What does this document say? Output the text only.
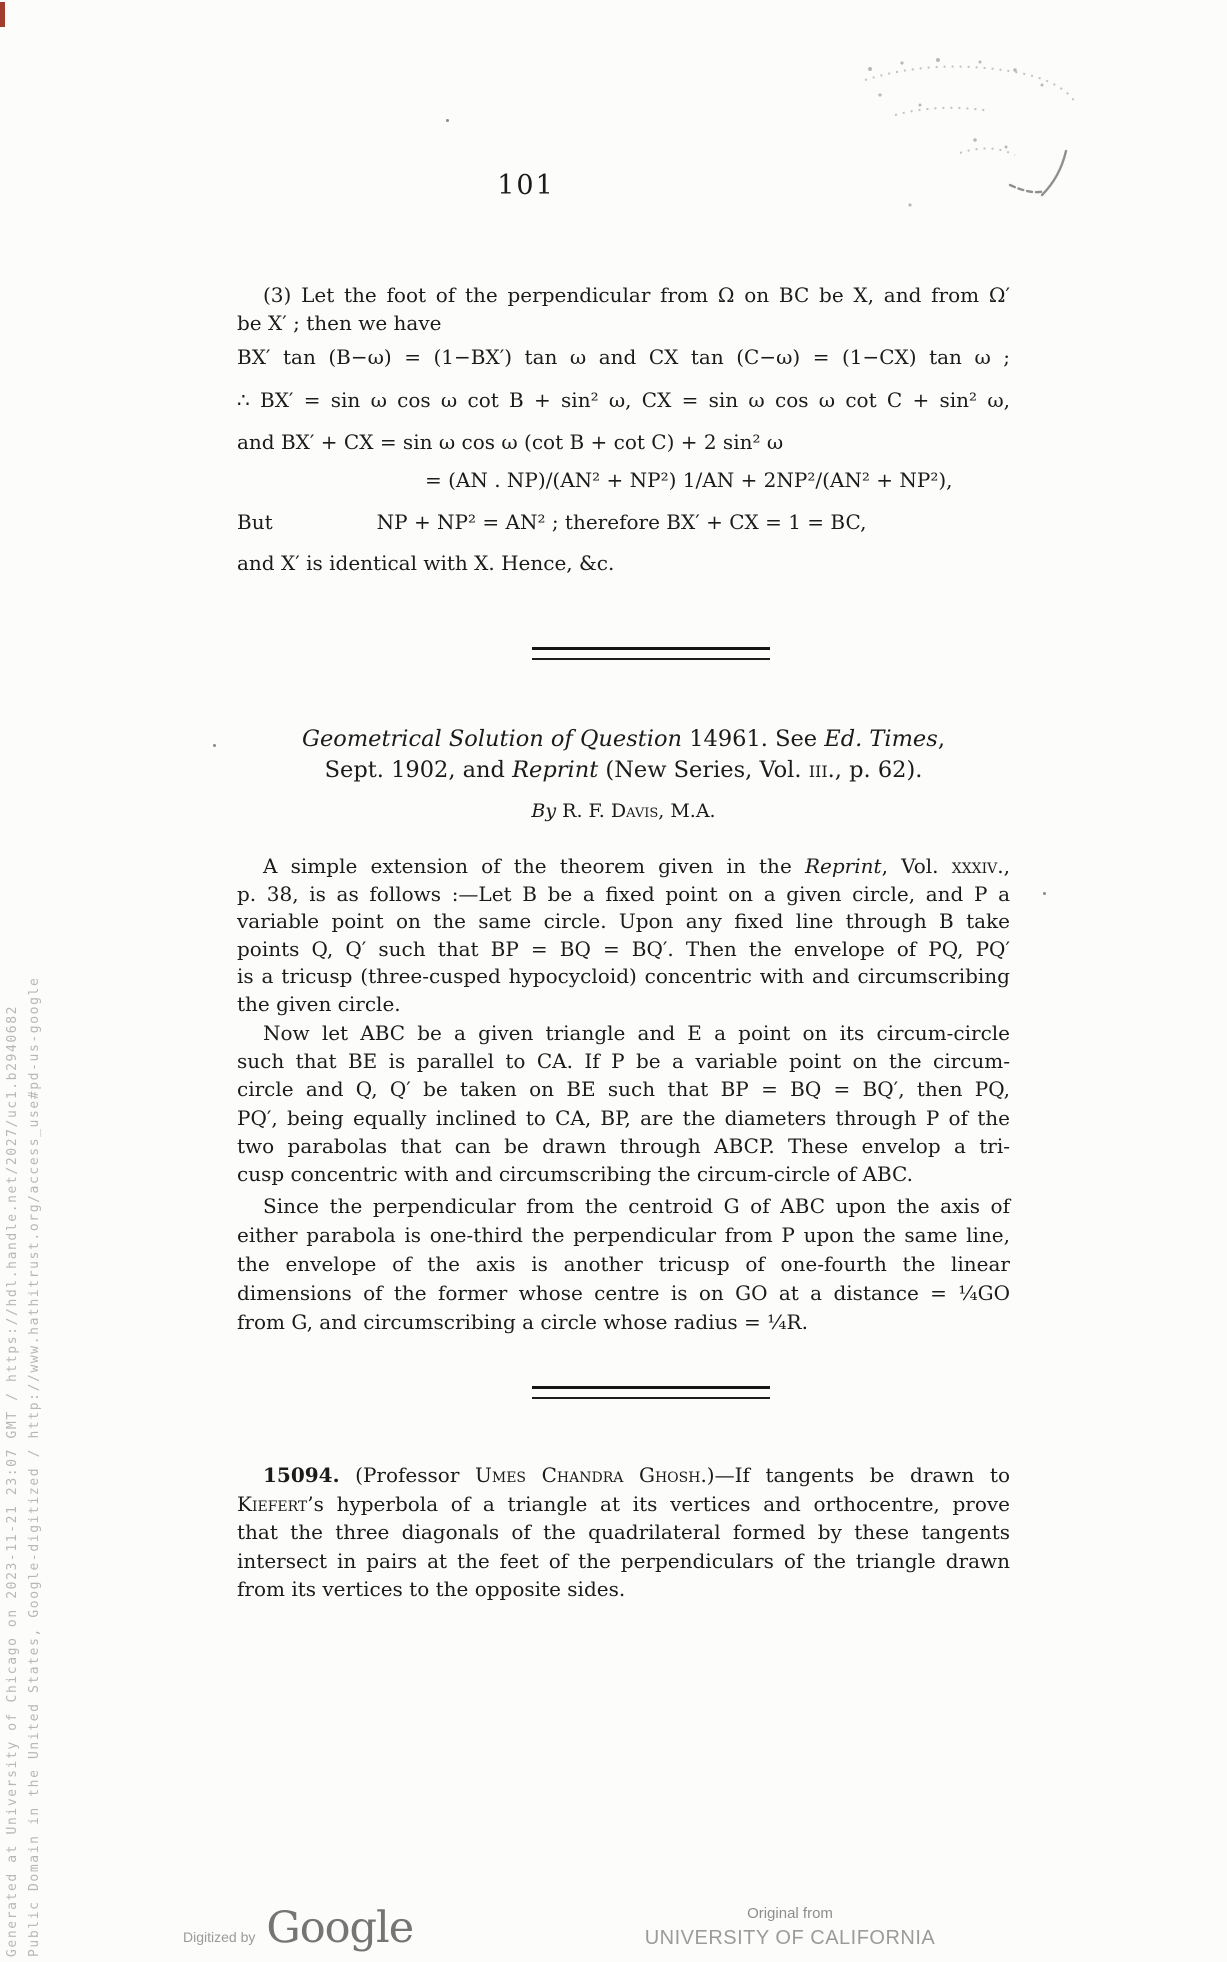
101
(3) Let the foot of the perpendicular from Ω on BC be X, and from Ω′
be X′ ; then we have
BX′ tan (B−ω) = (1−BX′) tan ω and CX tan (C−ω) = (1−CX) tan ω ;
∴ BX′ = sin ω cos ω cot B + sin² ω, CX = sin ω cos ω cot C + sin² ω,
and BX′ + CX = sin ω cos ω (cot B + cot C) + 2 sin² ω
= (AN . NP)/(AN² + NP²) 1/AN + 2NP²/(AN² + NP²),
But	NP + NP² = AN² ; therefore BX′ + CX = 1 = BC,
and X′ is identical with X. Hence, &c.
Geometrical Solution of Question 14961. See Ed. Times,
Sept. 1902, and Reprint (New Series, Vol. iii., p. 62).
By R. F. Davis, M.A.
A simple extension of the theorem given in the Reprint, Vol. xxxiv.,
p. 38, is as follows :—Let B be a fixed point on a given circle, and P a
variable point on the same circle. Upon any fixed line through B take
points Q, Q′ such that BP = BQ = BQ′. Then the envelope of PQ, PQ′
is a tricusp (three-cusped hypocycloid) concentric with and circumscribing
the given circle.
Now let ABC be a given triangle and E a point on its circum-circle
such that BE is parallel to CA. If P be a variable point on the circum-
circle and Q, Q′ be taken on BE such that BP = BQ = BQ′, then PQ,
PQ′, being equally inclined to CA, BP, are the diameters through P of the
two parabolas that can be drawn through ABCP. These envelop a tri-
cusp concentric with and circumscribing the circum-circle of ABC.
Since the perpendicular from the centroid G of ABC upon the axis of
either parabola is one-third the perpendicular from P upon the same line,
the envelope of the axis is another tricusp of one-fourth the linear
dimensions of the former whose centre is on GO at a distance = ¼GO
from G, and circumscribing a circle whose radius = ¼R.
15094. (Professor Umes Chandra Ghosh.)—If tangents be drawn to
Kiefert’s hyperbola of a triangle at its vertices and orthocentre, prove
that the three diagonals of the quadrilateral formed by these tangents
intersect in pairs at the feet of the perpendiculars of the triangle drawn
from its vertices to the opposite sides.
Generated at University of Chicago on 2023-11-21 23:07 GMT / https://hdl.handle.net/2027/uc1.b2940682 Public Domain in the United States, Google-digitized / http://www.hathitrust.org/access_use#pd-us-google	Digitized by Google	Original from
UNIVERSITY OF CALIFORNIA
